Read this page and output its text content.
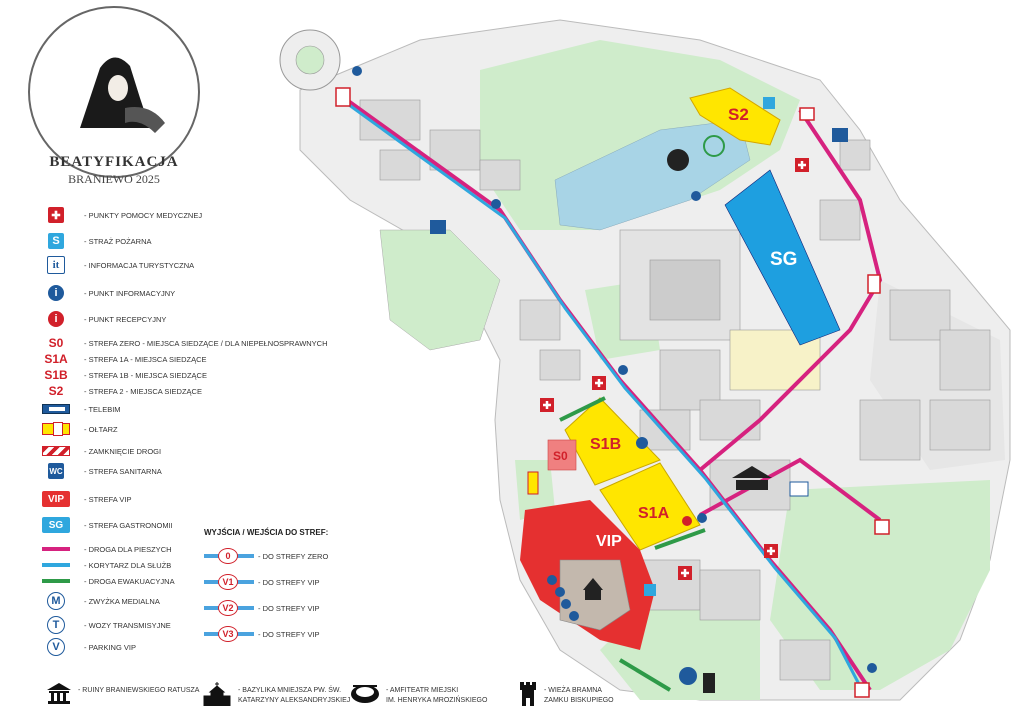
S2
SG
S1B
S1A
VIP
S0
BEATYFIKACJA
BRANIEWO 2025
✚	- PUNKTY POMOCY MEDYCZNEJ
S	- STRAŻ POŻARNA
it	- INFORMACJA TURYSTYCZNA
i	- PUNKT INFORMACYJNY
i	- PUNKT RECEPCYJNY
S0	- STREFA ZERO - MIEJSCA SIEDZĄCE / DLA NIEPEŁNOSPRAWNYCH
S1A - STREFA 1A - MIEJSCA SIEDZĄCE
S1B - STREFA 1B - MIEJSCA SIEDZĄCE
S2	- STREFA 2 - MIEJSCA SIEDZĄCE
- TELEBIM
- OŁTARZ
- ZAMKNIĘCIE DROGI
WC	- STREFA SANITARNA
VIP	- STREFA VIP
SG	- STREFA GASTRONOMII
- DROGA DLA PIESZYCH
- KORYTARZ DLA SŁUŻB
- DROGA EWAKUACYJNA
M	- ZWYŻKA MEDIALNA
T	- WOZY TRANSMISYJNE
V	- PARKING VIP
WYJŚCIA / WEJŚCIA DO STREF:
0	- DO STREFY ZERO
V1	- DO STREFY VIP
V2	- DO STREFY VIP
V3	- DO STREFY VIP
- RUINY BRANIEWSKIEGO RATUSZA	- BAZYLIKA MNIEJSZA PW. ŚW.
KATARZYNY ALEKSANDRYJSKIEJ
- AMFITEATR MIEJSKI
IM. HENRYKA MROZIŃSKIEGO
- WIEŻA BRAMNA
ZAMKU BISKUPIEGO
